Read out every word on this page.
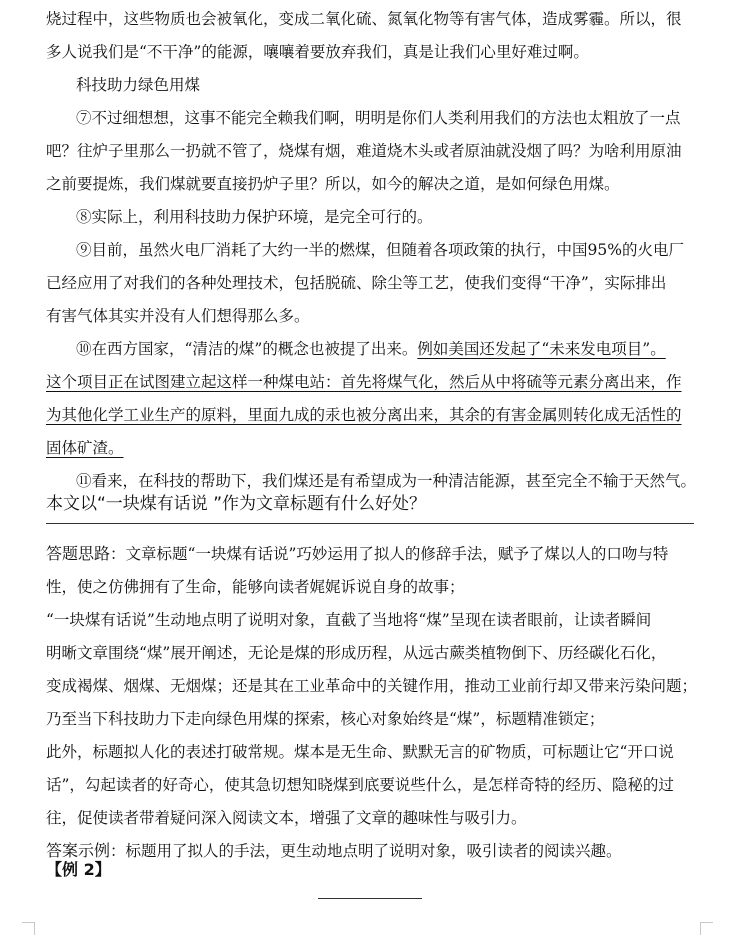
烧过程中，这些物质也会被氧化，变成二氧化硫、氮氧化物等有害气体，造成雾霾。所以，很
多人说我们是“不干净”的能源，嚷嚷着要放弃我们，真是让我们心里好难过啊。
科技助力绿色用煤
⑦不过细想想，这事不能完全赖我们啊，明明是你们人类利用我们的方法也太粗放了一点
吧？往炉子里那么一扔就不管了，烧煤有烟，难道烧木头或者原油就没烟了吗？为啥利用原油
之前要提炼，我们煤就要直接扔炉子里？所以，如今的解决之道，是如何绿色用煤。
⑧实际上，利用科技助力保护环境，是完全可行的。
⑨目前，虽然火电厂消耗了大约一半的燃煤，但随着各项政策的执行，中国95%的火电厂
已经应用了对我们的各种处理技术，包括脱硫、除尘等工艺，使我们变得“干净”，实际排出
有害气体其实并没有人们想得那么多。
⑩在西方国家，“清洁的煤”的概念也被提了出来。例如美国还发起了“未来发电项目”。
这个项目正在试图建立起这样一种煤电站：首先将煤气化，然后从中将硫等元素分离出来，作
为其他化学工业生产的原料，里面九成的汞也被分离出来，其余的有害金属则转化成无活性的
固体矿渣。
⑪看来，在科技的帮助下，我们煤还是有希望成为一种清洁能源，甚至完全不输于天然气。
本文以“一块煤有话说 ”作为文章标题有什么好处？
答题思路：文章标题“一块煤有话说”巧妙运用了拟人的修辞手法，赋予了煤以人的口吻与特
性，使之仿佛拥有了生命，能够向读者娓娓诉说自身的故事；
“一块煤有话说”生动地点明了说明对象，直截了当地将“煤”呈现在读者眼前，让读者瞬间
明晰文章围绕“煤”展开阐述，无论是煤的形成历程，从远古蕨类植物倒下、历经碳化石化，
变成褐煤、烟煤、无烟煤；还是其在工业革命中的关键作用，推动工业前行却又带来污染问题；
乃至当下科技助力下走向绿色用煤的探索，核心对象始终是“煤”，标题精准锁定；
此外，标题拟人化的表述打破常规。煤本是无生命、默默无言的矿物质，可标题让它“开口说
话”，勾起读者的好奇心，使其急切想知晓煤到底要说些什么，是怎样奇特的经历、隐秘的过
往，促使读者带着疑问深入阅读文本，增强了文章的趣味性与吸引力。
答案示例：标题用了拟人的手法，更生动地点明了说明对象，吸引读者的阅读兴趣。
【例 2】
